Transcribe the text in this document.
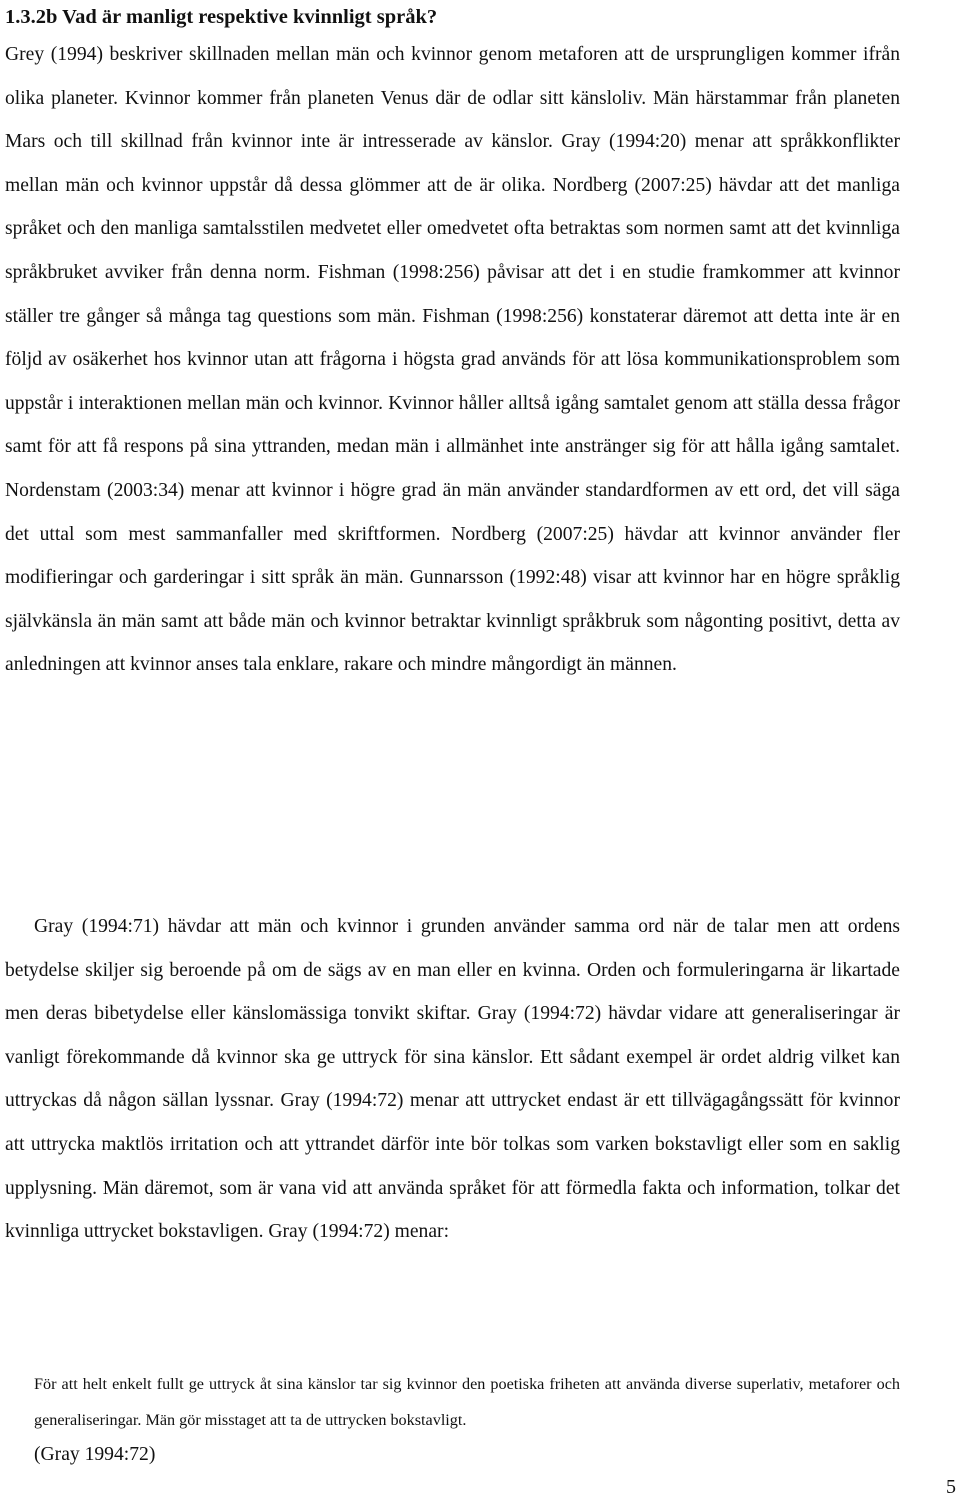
1.3.2b Vad är manligt respektive kvinnligt språk?

Grey (1994) beskriver skillnaden mellan män och kvinnor genom metaforen att de ursprungligen kommer ifrån olika planeter. Kvinnor kommer från planeten Venus där de odlar sitt känsloliv. Män härstammar från planeten Mars och till skillnad från kvinnor inte är intresserade av känslor. Gray (1994:20) menar att språkkonflikter mellan män och kvinnor uppstår då dessa glömmer att de är olika. Nordberg (2007:25) hävdar att det manliga språket och den manliga samtalsstilen medvetet eller omedvetet ofta betraktas som normen samt att det kvinnliga språkbruket avviker från denna norm. Fishman (1998:256) påvisar att det i en studie framkommer att kvinnor ställer tre gånger så många tag questions som män. Fishman (1998:256) konstaterar däremot att detta inte är en följd av osäkerhet hos kvinnor utan att frågorna i högsta grad används för att lösa kommunikationsproblem som uppstår i interaktionen mellan män och kvinnor. Kvinnor håller alltså igång samtalet genom att ställa dessa frågor samt för att få respons på sina yttranden, medan män i allmänhet inte anstränger sig för att hålla igång samtalet. Nordenstam (2003:34) menar att kvinnor i högre grad än män använder standardformen av ett ord, det vill säga det uttal som mest sammanfaller med skriftformen. Nordberg (2007:25) hävdar att kvinnor använder fler modifieringar och garderingar i sitt språk än män. Gunnarsson (1992:48) visar att kvinnor har en högre språklig självkänsla än män samt att både män och kvinnor betraktar kvinnligt språkbruk som någonting positivt, detta av anledningen att kvinnor anses tala enklare, rakare och mindre mångordigt än männen.

Gray (1994:71) hävdar att män och kvinnor i grunden använder samma ord när de talar men att ordens betydelse skiljer sig beroende på om de sägs av en man eller en kvinna. Orden och formuleringarna är likartade men deras bibetydelse eller känslomässiga tonvikt skiftar. Gray (1994:72) hävdar vidare att generaliseringar är vanligt förekommande då kvinnor ska ge uttryck för sina känslor. Ett sådant exempel är ordet aldrig vilket kan uttryckas då någon sällan lyssnar. Gray (1994:72) menar att uttrycket endast är ett tillvägagångssätt för kvinnor att uttrycka maktlös irritation och att yttrandet därför inte bör tolkas som varken bokstavligt eller som en saklig upplysning. Män däremot, som är vana vid att använda språket för att förmedla fakta och information, tolkar det kvinnliga uttrycket bokstavligen. Gray (1994:72) menar:

För att helt enkelt fullt ge uttryck åt sina känslor tar sig kvinnor den poetiska friheten att använda diverse superlativ, metaforer och generaliseringar. Män gör misstaget att ta de uttrycken bokstavligt.

(Gray 1994:72)

5
